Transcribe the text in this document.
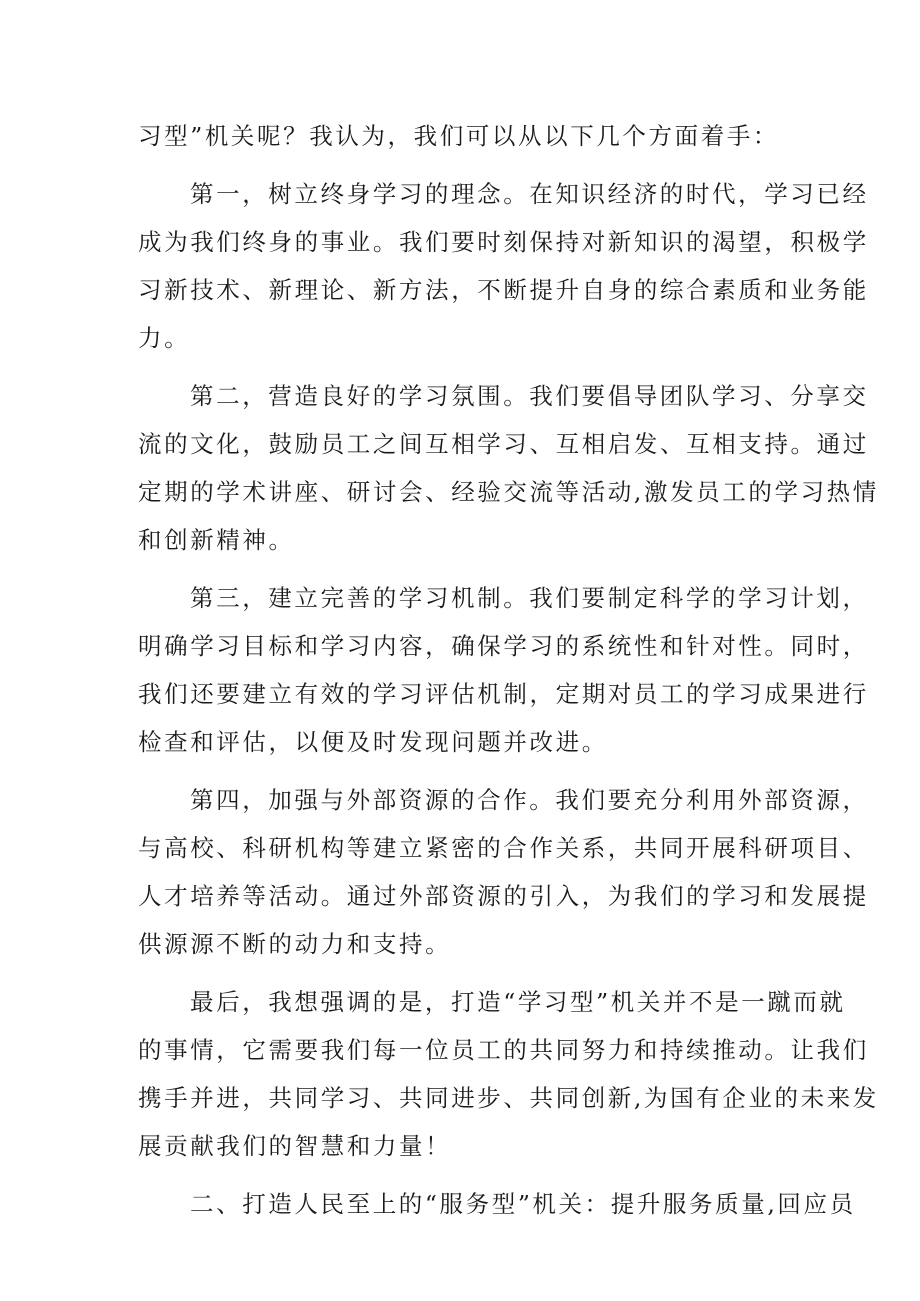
习型”机关呢？我认为，我们可以从以下几个方面着手：
第一，树立终身学习的理念。在知识经济的时代，学习已经
成为我们终身的事业。我们要时刻保持对新知识的渴望，积极学
习新技术、新理论、新方法，不断提升自身的综合素质和业务能
力。
第二，营造良好的学习氛围。我们要倡导团队学习、分享交
流的文化，鼓励员工之间互相学习、互相启发、互相支持。通过
定期的学术讲座、研讨会、经验交流等活动,激发员工的学习热情
和创新精神。
第三，建立完善的学习机制。我们要制定科学的学习计划，
明确学习目标和学习内容，确保学习的系统性和针对性。同时，
我们还要建立有效的学习评估机制，定期对员工的学习成果进行
检查和评估，以便及时发现问题并改进。
第四，加强与外部资源的合作。我们要充分利用外部资源，
与高校、科研机构等建立紧密的合作关系，共同开展科研项目、
人才培养等活动。通过外部资源的引入，为我们的学习和发展提
供源源不断的动力和支持。
最后，我想强调的是，打造“学习型”机关并不是一蹴而就
的事情，它需要我们每一位员工的共同努力和持续推动。让我们
携手并进，共同学习、共同进步、共同创新,为国有企业的未来发
展贡献我们的智慧和力量！
二、打造人民至上的“服务型”机关：提升服务质量,回应员
